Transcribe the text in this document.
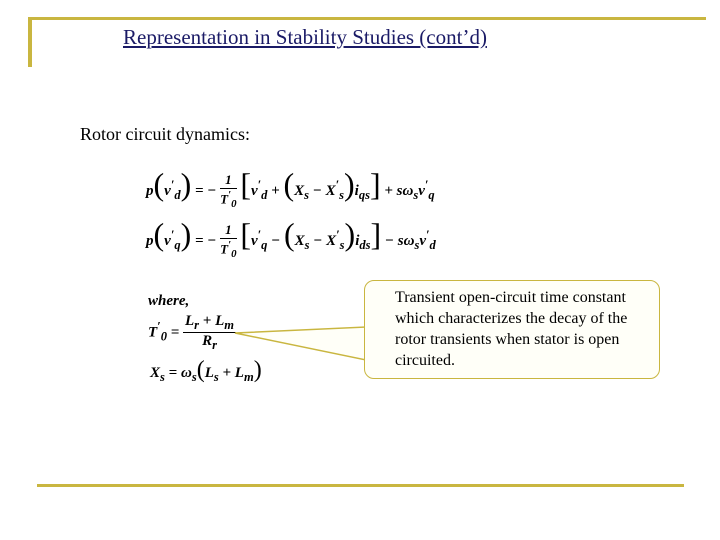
Representation in Stability Studies (cont’d)
Rotor circuit dynamics:
$p(v'_d)$ = − $\frac{1}{T'_0} [v'_d + (X_s - X'_s)i_{qs}] + s\omega_sv'_q$
$p(v'_q)$ = − $\frac{1}{T'_0} [v'_q - (X_s - X'_s)i_{ds}] - s\omega_sv'_d$
where,
$T'_0 = \frac{L_r + L_m}{R_r}$
$X_s = \omega_s(L_s + L_m)$
Transient open-circuit time constant which characterizes the decay of the rotor transients when stator is open circuited.
